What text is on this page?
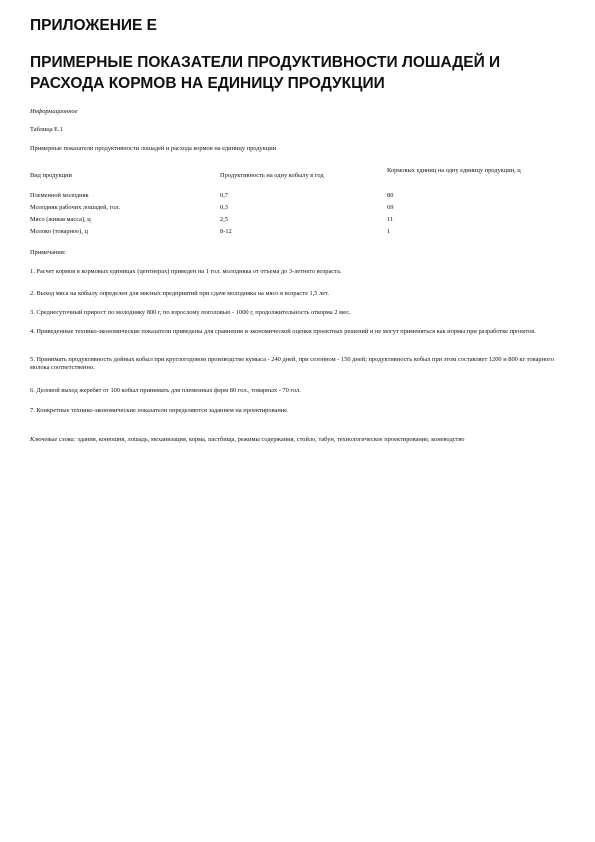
ПРИЛОЖЕНИЕ Е
ПРИМЕРНЫЕ ПОКАЗАТЕЛИ ПРОДУКТИВНОСТИ ЛОШАДЕЙ И РАСХОДА КОРМОВ НА ЕДИНИЦУ ПРОДУКЦИИ
Информационное
Таблица Е.1
Примерные показатели продуктивности лошадей и расхода кормов на единицу продукции
Вид продукции	Продуктивность на одну кобылу в год	Кормовых единиц на одну единицу продукции, ц
Племенной молодняк	0,7	80
Молодняк рабочих лошадей, гол.	0,3	69
Мясо (живая масса), ц	2,5	11
Молоко (товарное), ц	8-12	1
Примечания:
1. Расчет кормов в кормовых единицах (центнерах) приведен на 1 гол. молодняка от отъема до 3-летнего возраста.
2. Выход мяса на кобылу определен для мясных предприятий при сдаче молодняка на мясо в возрасте 1,5 лет.
3. Среднесуточный прирост по молодняку 800 г, по взрослому поголовью - 1000 г, продолжительность откорма 2 мес.
4. Приведенные технико-экономические показатели приведены для сравнения и экономической оценки проектных решений и не могут применяться как нормы при разработке проектов.
5. Принимать продуктивность дойных кобыл при круглогодовом производстве кумыса - 240 дней, при сезонном - 150 дней; продуктивность кобыл при этом составляет 1200 и 800 кг товарного молока соответственно.
6. Деловой выход жеребят от 100 кобыл принимать для племенных ферм 80 гол., товарных - 70 гол.
7. Конкретные технико-экономические показатели определяются заданием на проектирование.
Ключевые слова: здания, конюшня, лошадь, механизация, корма, пастбища, режимы содержания, стойло, табун, технологическое проектирование, коневодство
